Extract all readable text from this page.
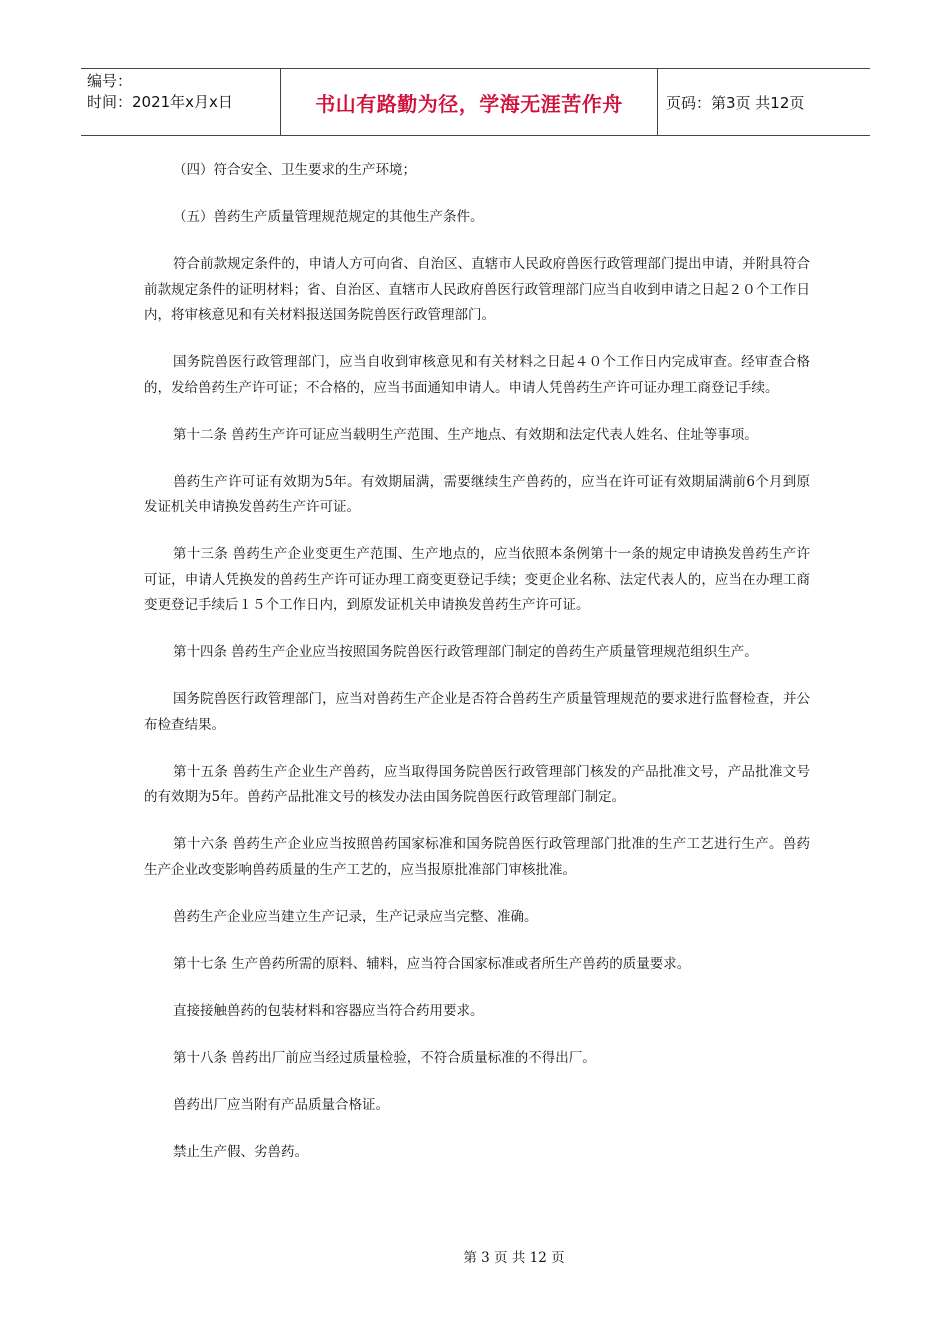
编号：
时间：2021年x月x日	书山有路勤为径，学海无涯苦作舟	页码：第3页 共12页

（四）符合安全、卫生要求的生产环境；

（五）兽药生产质量管理规范规定的其他生产条件。

符合前款规定条件的，申请人方可向省、自治区、直辖市人民政府兽医行政管理部门提出申请，并附具符合前款规定条件的证明材料；省、自治区、直辖市人民政府兽医行政管理部门应当自收到申请之日起２０个工作日内，将审核意见和有关材料报送国务院兽医行政管理部门。

国务院兽医行政管理部门，应当自收到审核意见和有关材料之日起４０个工作日内完成审查。经审查合格的，发给兽药生产许可证；不合格的，应当书面通知申请人。申请人凭兽药生产许可证办理工商登记手续。

第十二条 兽药生产许可证应当载明生产范围、生产地点、有效期和法定代表人姓名、住址等事项。

兽药生产许可证有效期为5年。有效期届满，需要继续生产兽药的，应当在许可证有效期届满前6个月到原发证机关申请换发兽药生产许可证。

第十三条 兽药生产企业变更生产范围、生产地点的，应当依照本条例第十一条的规定申请换发兽药生产许可证，申请人凭换发的兽药生产许可证办理工商变更登记手续；变更企业名称、法定代表人的，应当在办理工商变更登记手续后１５个工作日内，到原发证机关申请换发兽药生产许可证。

第十四条 兽药生产企业应当按照国务院兽医行政管理部门制定的兽药生产质量管理规范组织生产。

国务院兽医行政管理部门，应当对兽药生产企业是否符合兽药生产质量管理规范的要求进行监督检查，并公布检查结果。

第十五条 兽药生产企业生产兽药，应当取得国务院兽医行政管理部门核发的产品批准文号，产品批准文号的有效期为5年。兽药产品批准文号的核发办法由国务院兽医行政管理部门制定。

第十六条 兽药生产企业应当按照兽药国家标准和国务院兽医行政管理部门批准的生产工艺进行生产。兽药生产企业改变影响兽药质量的生产工艺的，应当报原批准部门审核批准。

兽药生产企业应当建立生产记录，生产记录应当完整、准确。

第十七条 生产兽药所需的原料、辅料，应当符合国家标准或者所生产兽药的质量要求。

直接接触兽药的包装材料和容器应当符合药用要求。

第十八条 兽药出厂前应当经过质量检验，不符合质量标准的不得出厂。

兽药出厂应当附有产品质量合格证。

禁止生产假、劣兽药。

第 3 页 共 12 页
